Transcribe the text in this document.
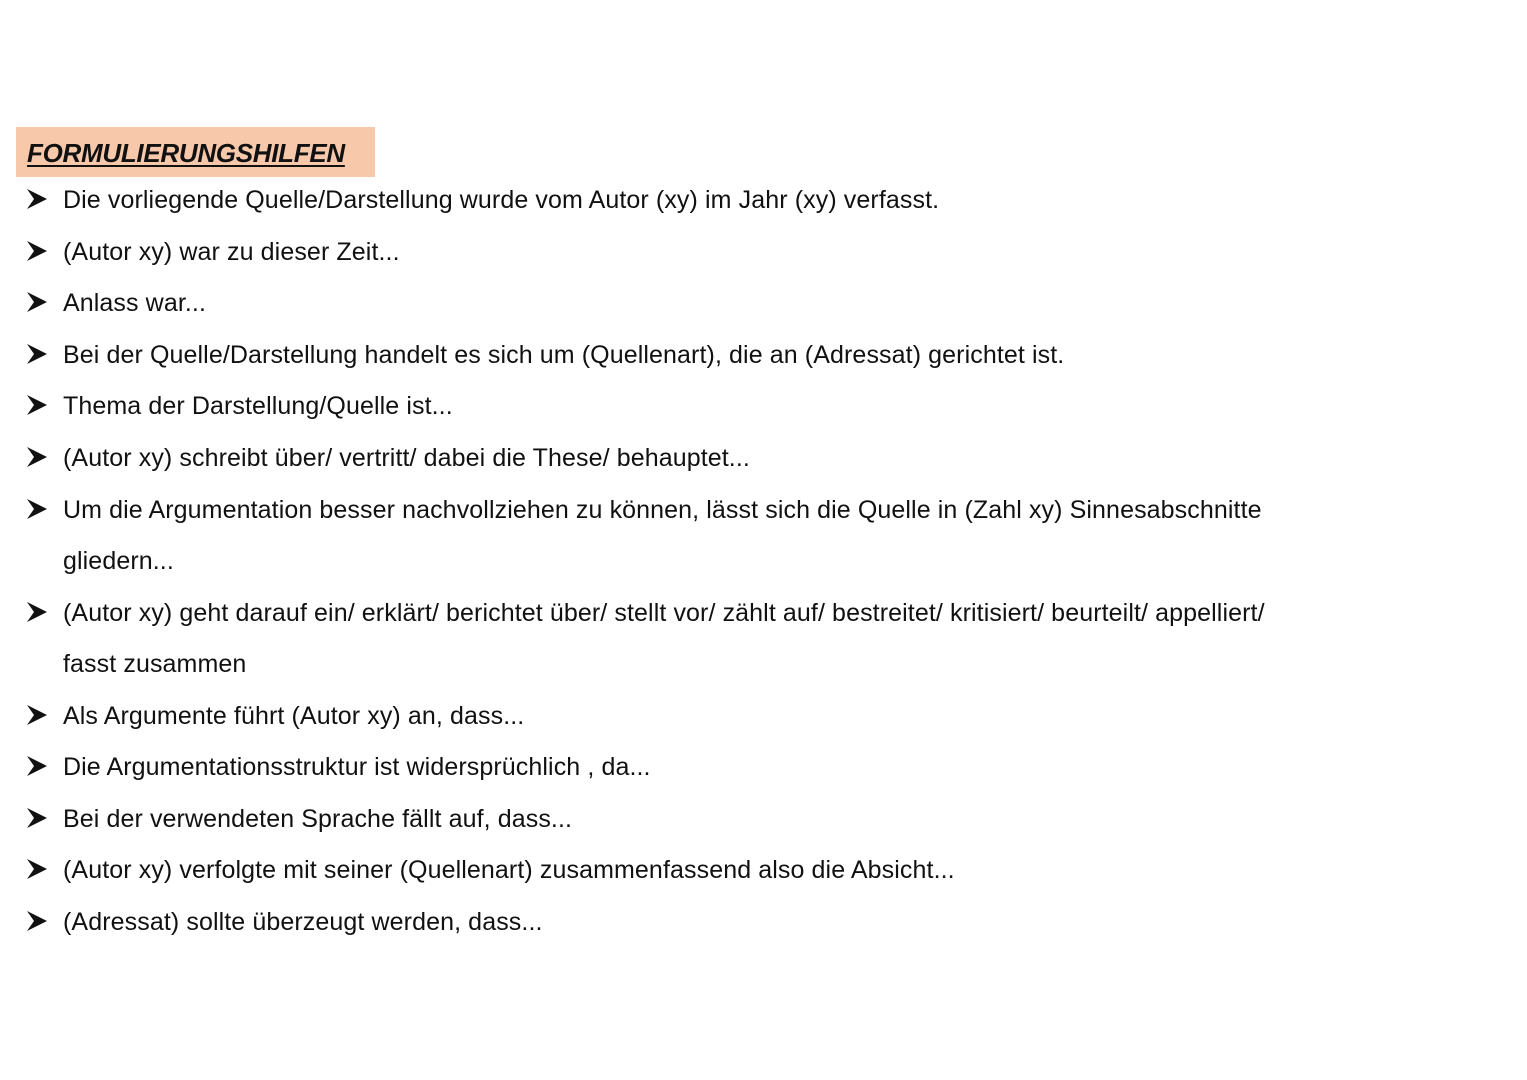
FORMULIERUNGSHILFEN
Die vorliegende Quelle/Darstellung wurde vom Autor (xy) im Jahr (xy) verfasst.
(Autor xy) war zu dieser Zeit...
Anlass war...
Bei der Quelle/Darstellung handelt es sich um (Quellenart), die an (Adressat) gerichtet ist.
Thema der Darstellung/Quelle ist...
(Autor xy) schreibt über/ vertritt/ dabei die These/ behauptet...
Um die Argumentation besser nachvollziehen zu können, lässt sich die Quelle in (Zahl xy) Sinnesabschnitte
gliedern...
(Autor xy) geht darauf ein/ erklärt/ berichtet über/ stellt vor/ zählt auf/ bestreitet/ kritisiert/ beurteilt/ appelliert/
fasst zusammen
Als Argumente führt (Autor xy) an, dass...
Die Argumentationsstruktur ist widersprüchlich , da...
Bei der verwendeten Sprache fällt auf, dass...
(Autor xy) verfolgte mit seiner (Quellenart) zusammenfassend also die Absicht...
(Adressat) sollte überzeugt werden, dass...
